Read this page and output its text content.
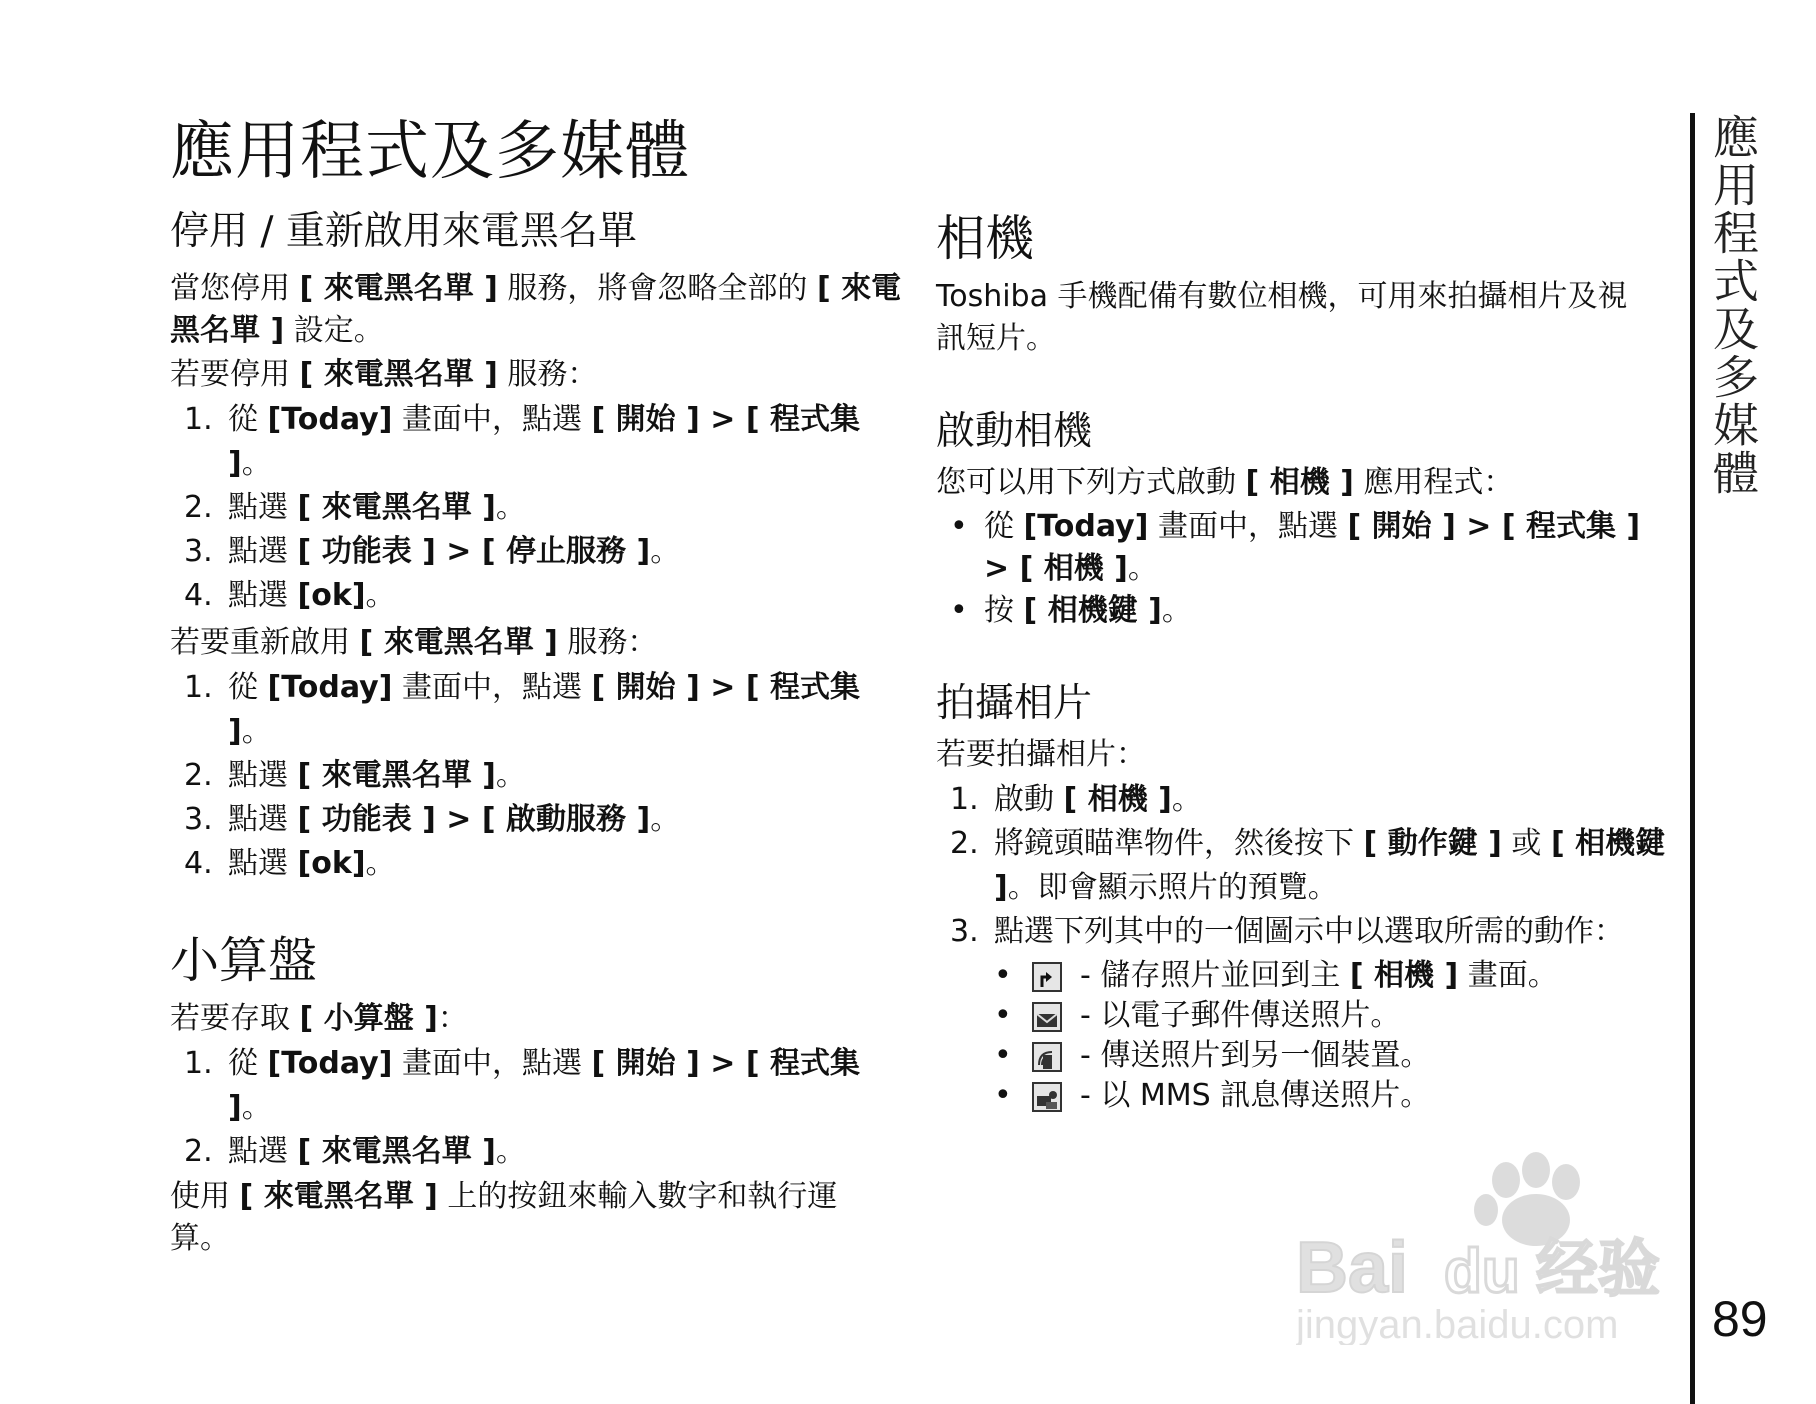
應用程式及多媒體
停用 / 重新啟用來電黑名單

當您停用 [ 來電黑名單 ] 服務，將會忽略全部的 [ 來電黑名單 ] 設定。

若要停用 [ 來電黑名單 ] 服務：

1. 從 [Today] 畫面中，點選 [ 開始 ] > [ 程式集 ]。
2. 點選 [ 來電黑名單 ]。
3. 點選 [ 功能表 ] > [ 停止服務 ]。
4. 點選 [ok]。

若要重新啟用 [ 來電黑名單 ] 服務：

1. 從 [Today] 畫面中，點選 [ 開始 ] > [ 程式集 ]。
2. 點選 [ 來電黑名單 ]。
3. 點選 [ 功能表 ] > [ 啟動服務 ]。
4. 點選 [ok]。
小算盤

若要存取 [ 小算盤 ]：

1. 從 [Today] 畫面中，點選 [ 開始 ] > [ 程式集 ]。
2. 點選 [ 來電黑名單 ]。

使用 [ 來電黑名單 ] 上的按鈕來輸入數字和執行運算。

相機

Toshiba 手機配備有數位相機，可用來拍攝相片及視訊短片。

啟動相機

您可以用下列方式啟動 [ 相機 ] 應用程式：

• 從 [Today] 畫面中，點選 [ 開始 ] > [ 程式集 ] > [ 相機 ]。
• 按 [ 相機鍵 ]。
拍攝相片

若要拍攝相片：

1. 啟動 [ 相機 ]。
2. 將鏡頭瞄準物件，然後按下 [ 動作鍵 ] 或 [ 相機鍵 ]。即會顯示照片的預覽。
3. 點選下列其中的一個圖示中以選取所需的動作：
• - 儲存照片並回到主 [ 相機 ] 畫面。
• - 以電子郵件傳送照片。
• - 傳送照片到另一個裝置。
• - 以 MMS 訊息傳送照片。
應用程式及多媒體
89
Bai du 经验
jingyan.baidu.com
